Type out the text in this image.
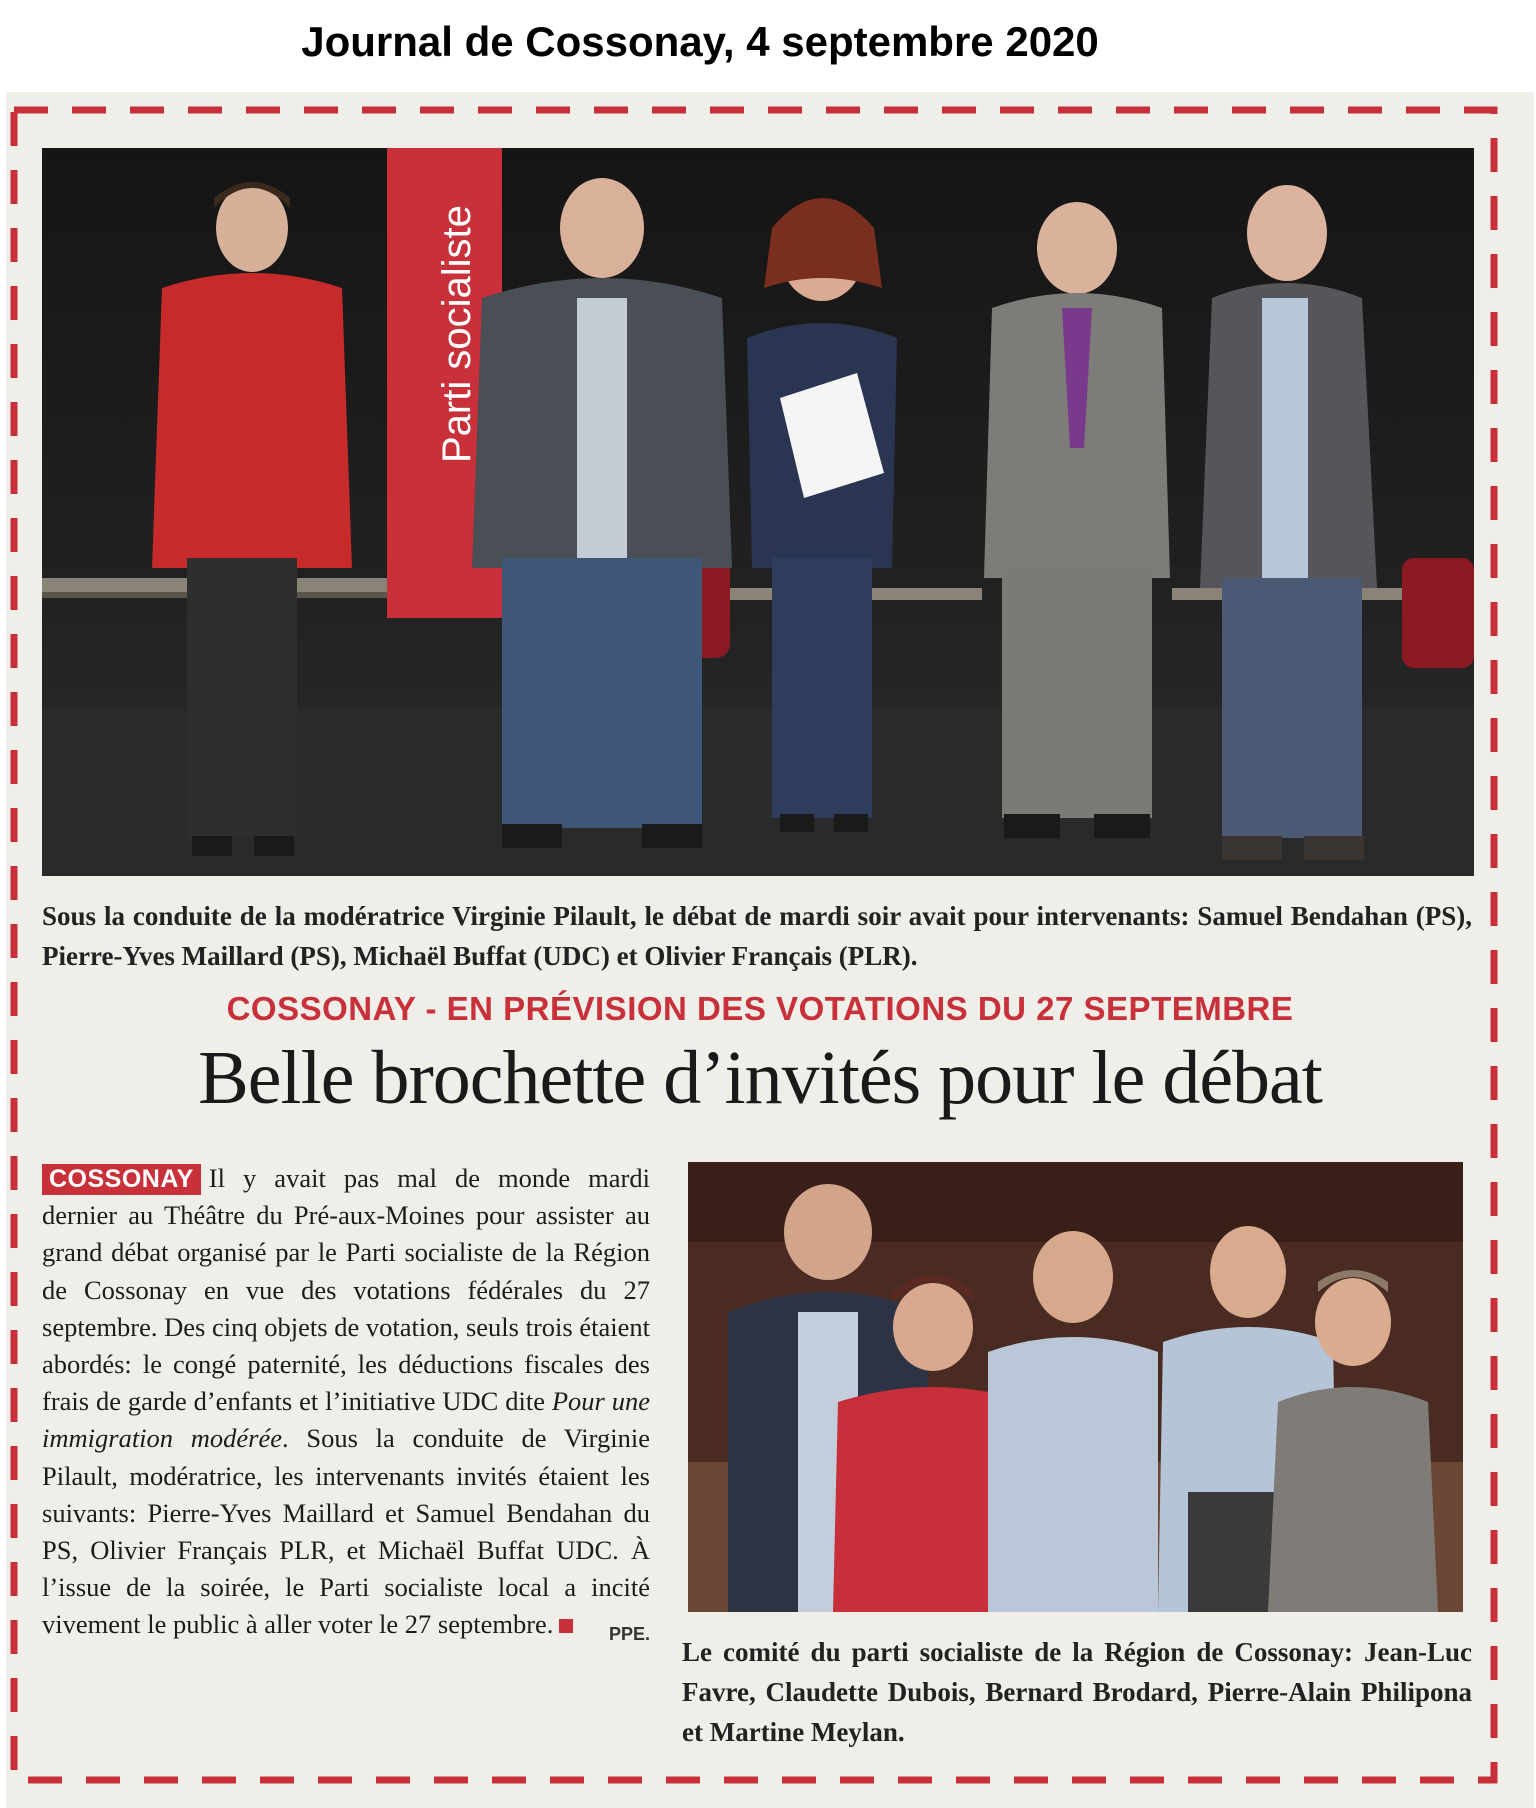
Journal de Cossonay, 4 septembre 2020
Parti socialiste
Sous la conduite de la modératrice Virginie Pilault, le débat de mardi soir avait pour intervenants: Samuel Bendahan (PS), Pierre-Yves Maillard (PS), Michaël Buffat (UDC) et Olivier Français (PLR).
COSSONAY - EN PRÉVISION DES VOTATIONS DU 27 SEPTEMBRE
Belle brochette d’invités pour le débat
COSSONAY Il y avait pas mal de monde mardi dernier au Théâtre du Pré-aux-Moines pour assister au grand débat organisé par le Parti socialiste de la Région de Cossonay en vue des votations fédérales du 27 septembre. Des cinq objets de votation, seuls trois étaient abordés: le congé paternité, les déductions fiscales des frais de garde d’enfants et l’initiative UDC dite Pour une immigration modérée. Sous la conduite de Virginie Pilault, modératrice, les intervenants invités étaient les suivants: Pierre-Yves Maillard et Samuel Bendahan du PS, Olivier Français PLR, et Michaël Buffat UDC. À l’issue de la soirée, le Parti socialiste local a incité vivement le public à aller voter le 27 septembre.	PPE.
Le comité du parti socialiste de la Région de Cossonay: Jean-Luc Favre, Claudette Dubois, Bernard Brodard, Pierre-Alain Philipona et Martine Meylan.
